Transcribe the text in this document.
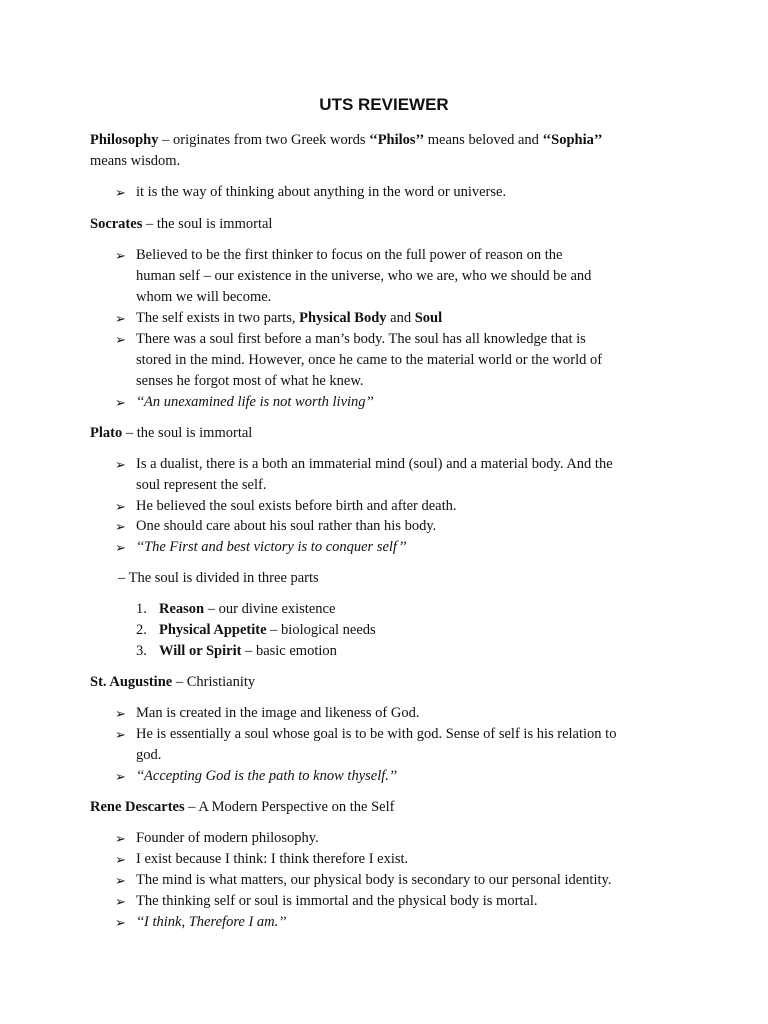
UTS REVIEWER
Philosophy – originates from two Greek words ‘‘Philos’’ means beloved and ‘‘Sophia’’
means wisdom.
➢ it is the way of thinking about anything in the word or universe.
Socrates – the soul is immortal
➢ Believed to be the first thinker to focus on the full power of reason on the
human self – our existence in the universe, who we are, who we should be and
whom we will become.
➢ The self exists in two parts, Physical Body and Soul
➢ There was a soul first before a man’s body. The soul has all knowledge that is
stored in the mind. However, once he came to the material world or the world of
senses he forgot most of what he knew.
➢ ‘‘An unexamined life is not worth living’’
Plato – the soul is immortal
➢ Is a dualist, there is a both an immaterial mind (soul) and a material body. And the
soul represent the self.
➢ He believed the soul exists before birth and after death.
➢ One should care about his soul rather than his body.
➢ ‘‘The First and best victory is to conquer self’’
– The soul is divided in three parts
1. Reason – our divine existence
2. Physical Appetite – biological needs
3. Will or Spirit – basic emotion
St. Augustine – Christianity
➢ Man is created in the image and likeness of God.
➢ He is essentially a soul whose goal is to be with god. Sense of self is his relation to
god.
➢ ‘‘Accepting God is the path to know thyself.’’
Rene Descartes – A Modern Perspective on the Self
➢ Founder of modern philosophy.
➢ I exist because I think: I think therefore I exist.
➢ The mind is what matters, our physical body is secondary to our personal identity.
➢ The thinking self or soul is immortal and the physical body is mortal.
➢ ‘‘I think, Therefore I am.’’
